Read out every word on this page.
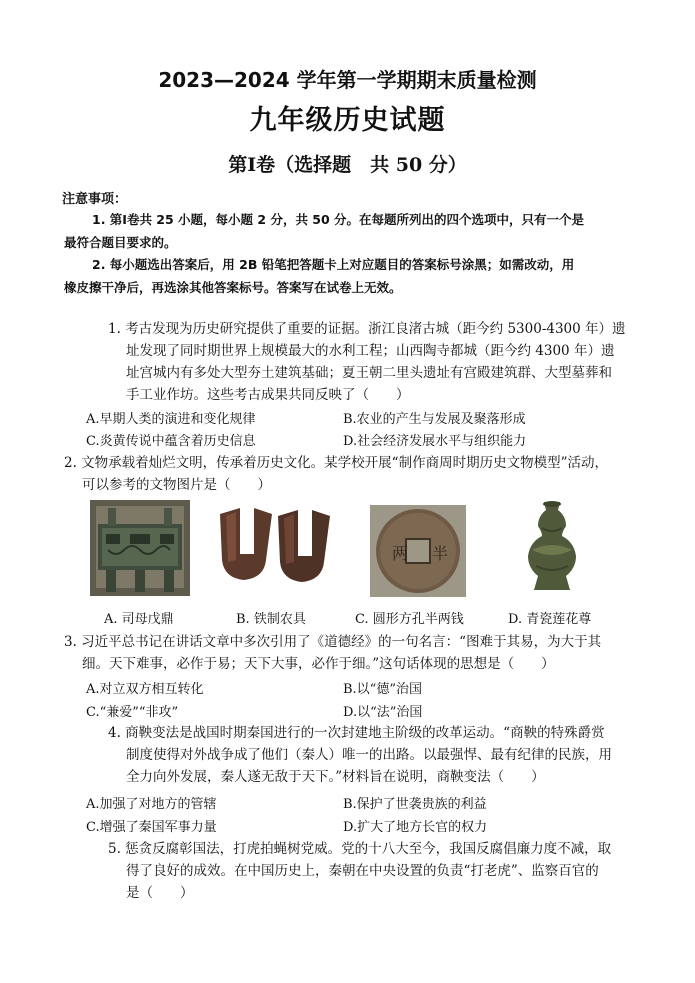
2023—2024 学年第一学期期末质量检测
九年级历史试题
第Ⅰ卷（选择题　共 50 分）
注意事项：
1. 第Ⅰ卷共 25 小题，每小题 2 分，共 50 分。在每题所列出的四个选项中，只有一个是
最符合题目要求的。
2. 每小题选出答案后，用 2B 铅笔把答题卡上对应题目的答案标号涂黑；如需改动，用
橡皮擦干净后，再选涂其他答案标号。答案写在试卷上无效。
1. 考古发现为历史研究提供了重要的证据。浙江良渚古城（距今约 5300-4300 年）遗
址发现了同时期世界上规模最大的水利工程；山西陶寺都城（距今约 4300 年）遗
址宫城内有多处大型夯土建筑基础；夏王朝二里头遗址有宫殿建筑群、大型墓葬和
手工业作坊。这些考古成果共同反映了（　　）
A.早期人类的演进和变化规律	B.农业的产生与发展及聚落形成
C.炎黄传说中蕴含着历史信息	D.社会经济发展水平与组织能力
2. 文物承载着灿烂文明，传承着历史文化。某学校开展“制作商周时期历史文物模型”活动，
可以参考的文物图片是（　　）
两 半
A. 司母戊鼎	B. 铁制农具	C. 圆形方孔半两钱	D. 青瓷莲花尊
3. 习近平总书记在讲话文章中多次引用了《道德经》的一句名言：“图难于其易，为大于其
细。天下难事，必作于易；天下大事，必作于细。”这句话体现的思想是（　　）
A.对立双方相互转化	B.以“德”治国
C.“兼爱”“非攻”	D.以“法”治国
4. 商鞅变法是战国时期秦国进行的一次封建地主阶级的改革运动。“商鞅的特殊爵赏
制度使得对外战争成了他们（秦人）唯一的出路。以最强悍、最有纪律的民族，用
全力向外发展，秦人遂无敌于天下。”材料旨在说明，商鞅变法（　　）
A.加强了对地方的管辖	B.保护了世袭贵族的利益
C.增强了秦国军事力量	D.扩大了地方长官的权力
5. 惩贪反腐彰国法，打虎拍蝇树党威。党的十八大至今，我国反腐倡廉力度不减，取
得了良好的成效。在中国历史上，秦朝在中央设置的负责“打老虎”、监察百官的
是（　　）
